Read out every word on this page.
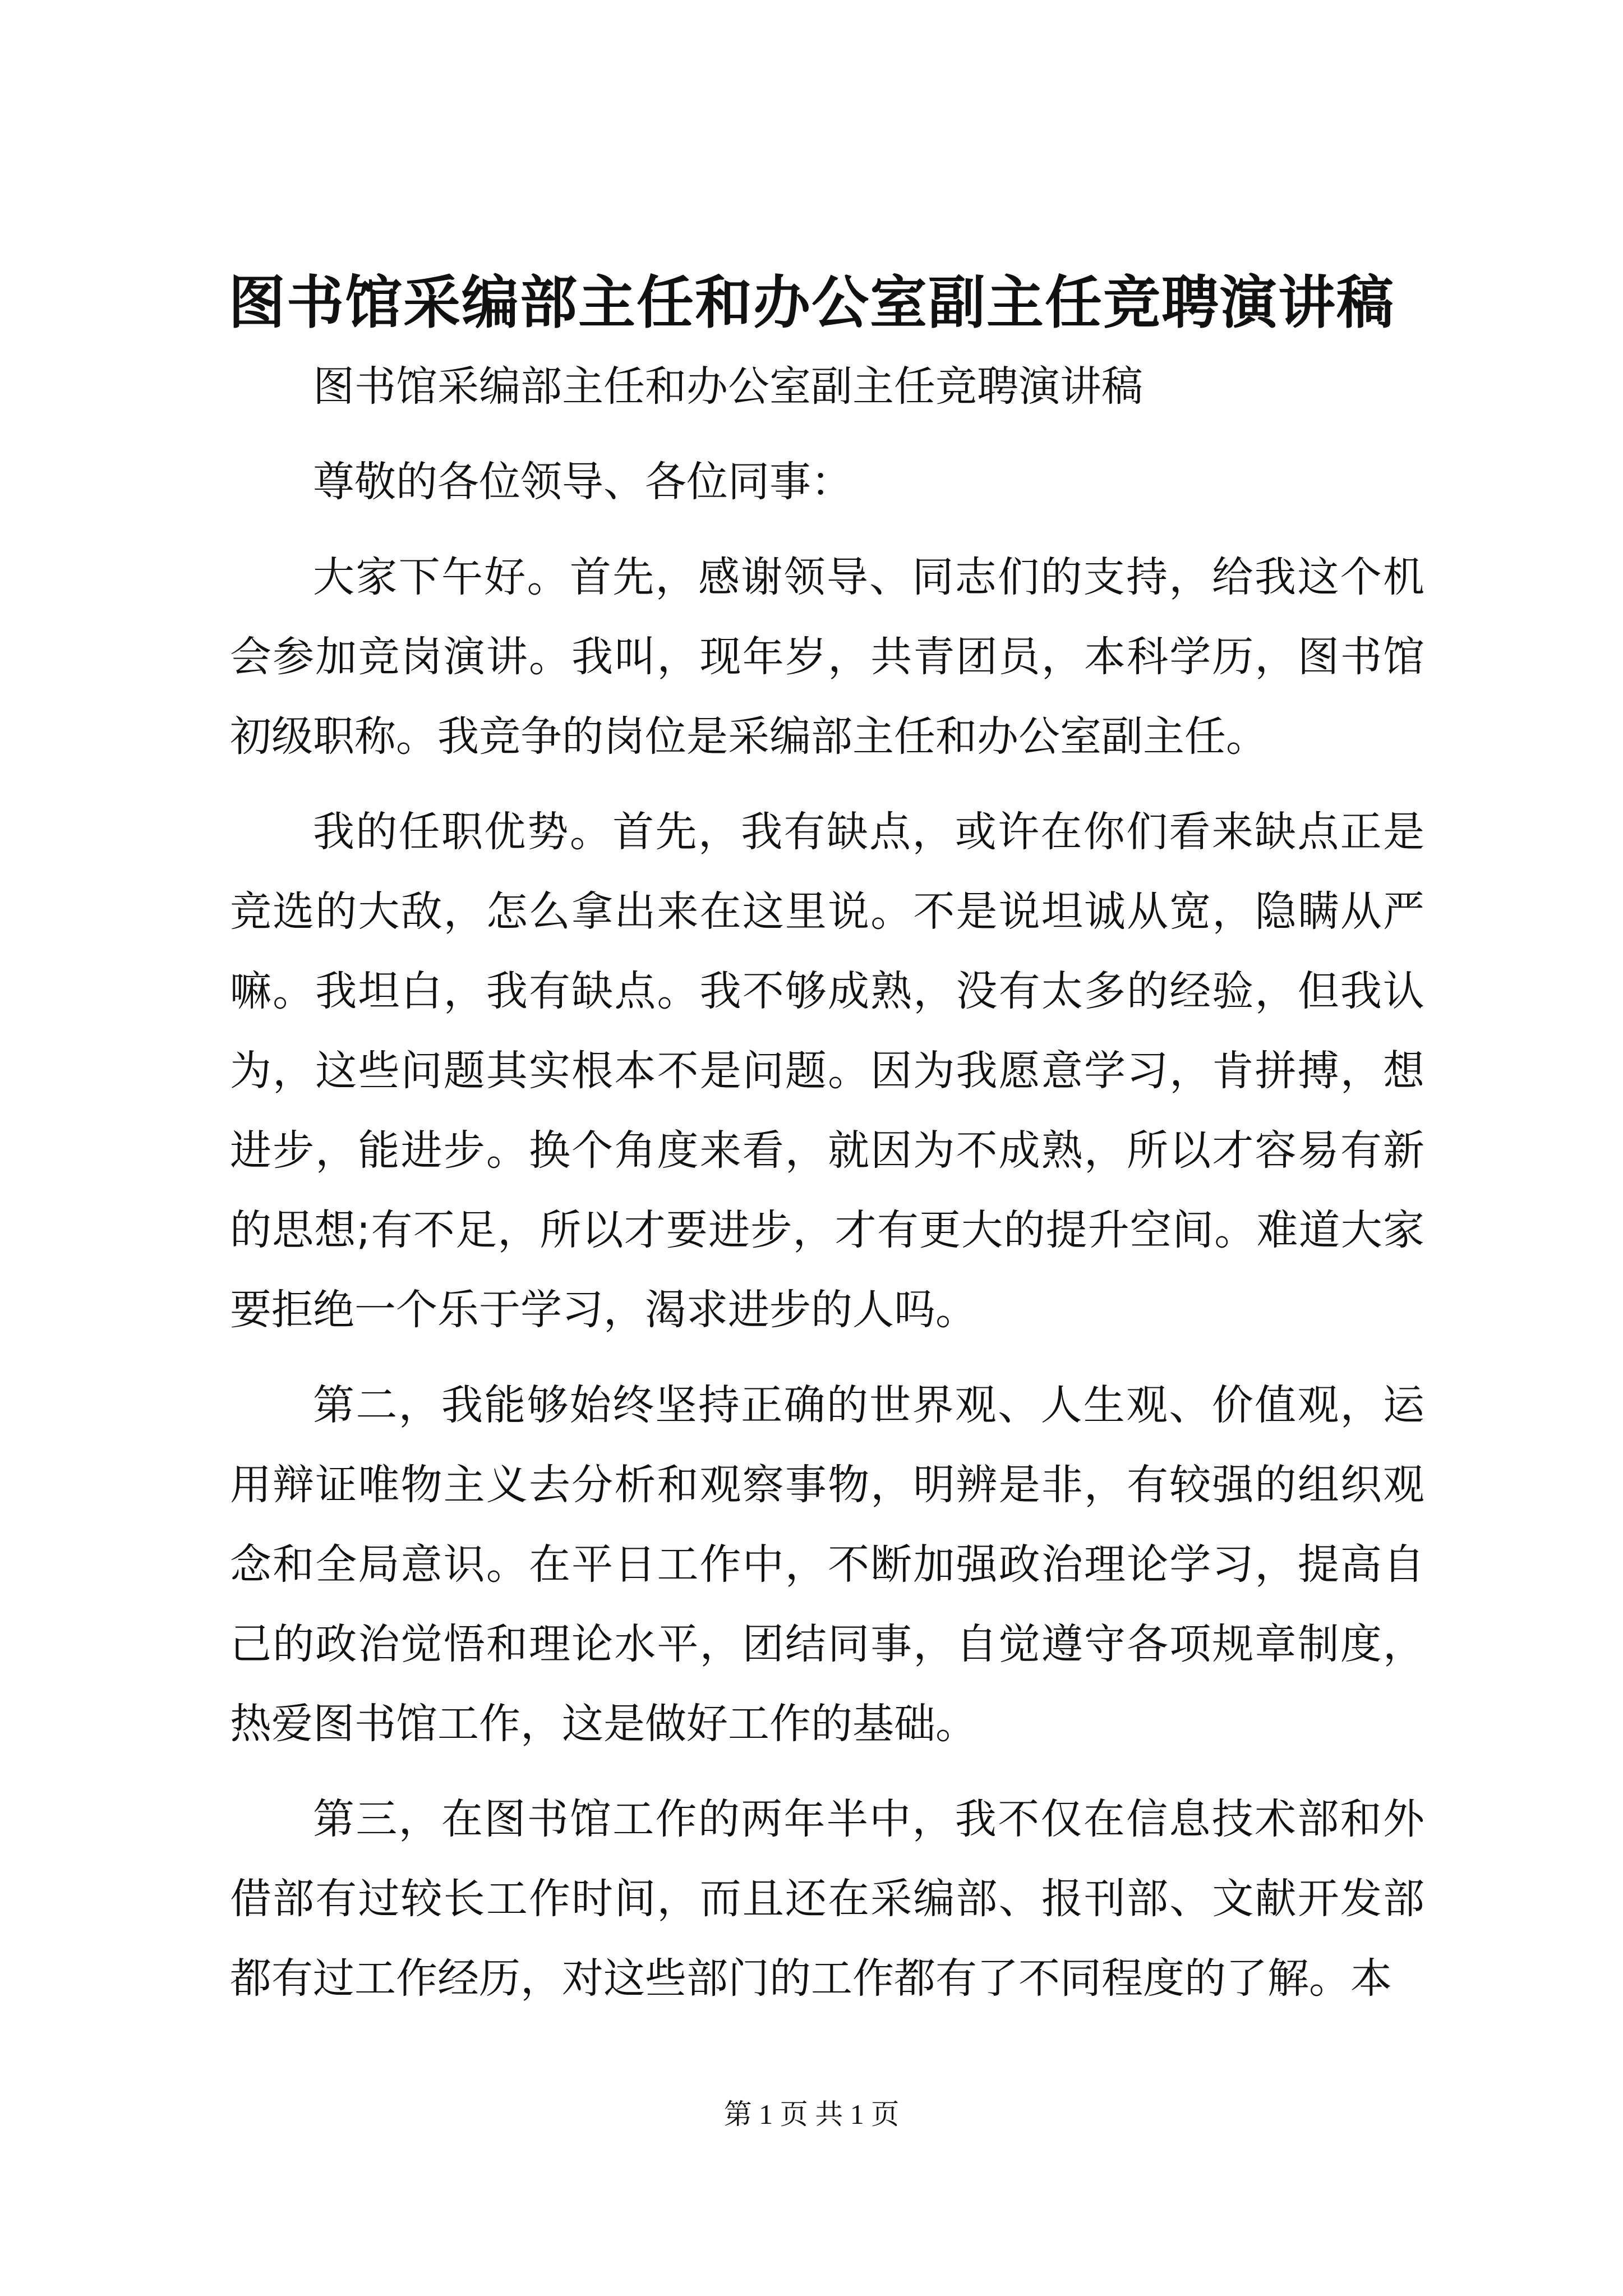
图书馆采编部主任和办公室副主任竞聘演讲稿

图书馆采编部主任和办公室副主任竞聘演讲稿

尊敬的各位领导、各位同事：

大家下午好。首先，感谢领导、同志们的支持，给我这个机会参加竞岗演讲。我叫，现年岁，共青团员，本科学历，图书馆初级职称。我竞争的岗位是采编部主任和办公室副主任。

我的任职优势。首先，我有缺点，或许在你们看来缺点正是竞选的大敌，怎么拿出来在这里说。不是说坦诚从宽，隐瞒从严嘛。我坦白，我有缺点。我不够成熟，没有太多的经验，但我认为，这些问题其实根本不是问题。因为我愿意学习，肯拼搏，想进步，能进步。换个角度来看，就因为不成熟，所以才容易有新的思想;有不足，所以才要进步，才有更大的提升空间。难道大家要拒绝一个乐于学习，渴求进步的人吗。

第二，我能够始终坚持正确的世界观、人生观、价值观，运用辩证唯物主义去分析和观察事物，明辨是非，有较强的组织观念和全局意识。在平日工作中，不断加强政治理论学习，提高自己的政治觉悟和理论水平，团结同事，自觉遵守各项规章制度，热爱图书馆工作，这是做好工作的基础。

第三，在图书馆工作的两年半中，我不仅在信息技术部和外借部有过较长工作时间，而且还在采编部、报刊部、文献开发部都有过工作经历，对这些部门的工作都有了不同程度的了解。本

第 1 页 共 1 页
